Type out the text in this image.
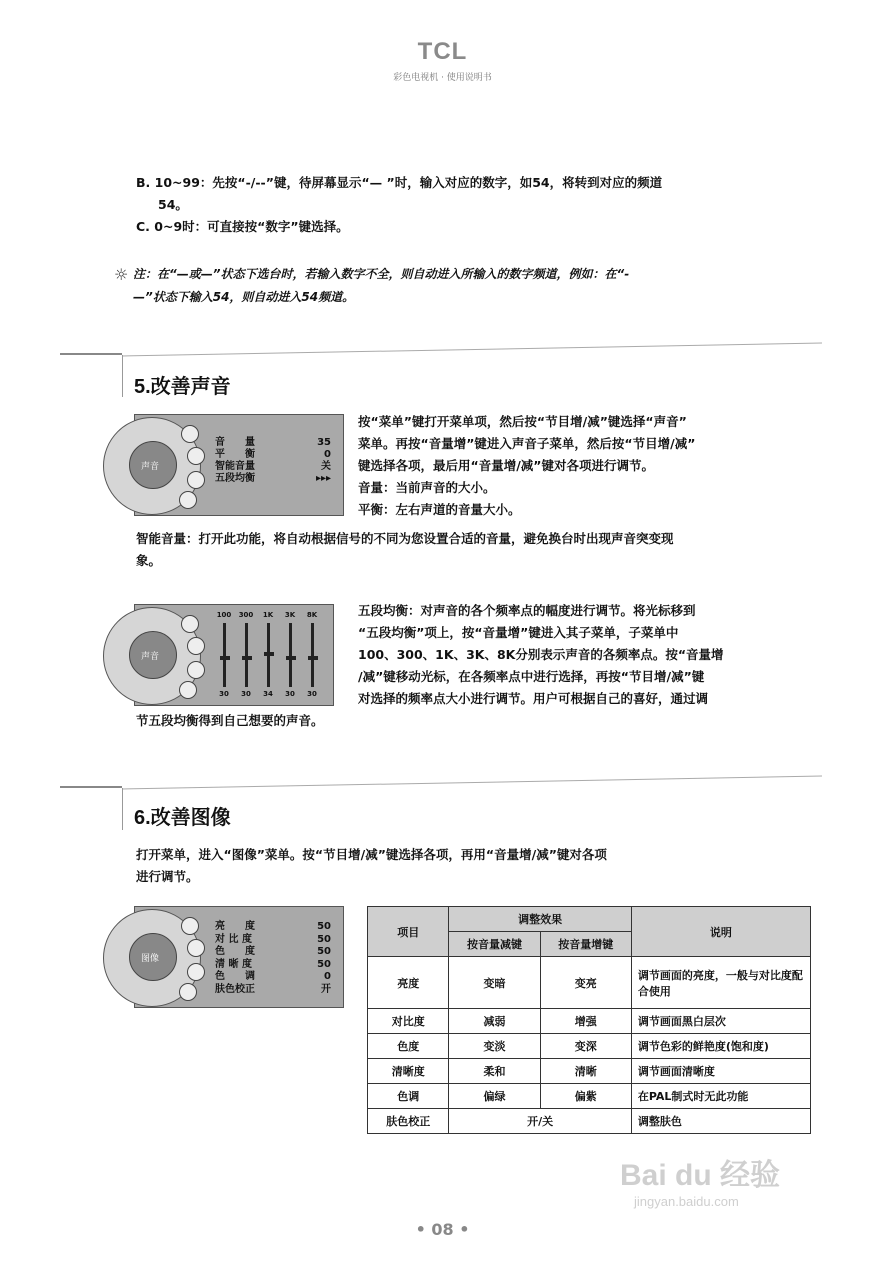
TCL
彩色电视机 · 使用说明书
B. 10~99：先按“-/--”键，待屏幕显示“— ”时，输入对应的数字，如54，将转到对应的频道
54。
C. 0~9时：可直接按“数字”键选择。
☼ 注：在“—或—”状态下选台时，若输入数字不全，则自动进入所输入的数字频道，例如：在“-
—”状态下输入54，则自动进入54频道。
5.改善声音
声音
音　　量	35
平　　衡	0
智能音量	关
五段均衡	▸▸▸
按“菜单”键打开菜单项，然后按“节目增/减”键选择“声音”
菜单。再按“音量增”键进入声音子菜单，然后按“节目增/减”
键选择各项，最后用“音量增/减”键对各项进行调节。
音量：当前声音的大小。
平衡：左右声道的音量大小。
智能音量：打开此功能，将自动根据信号的不同为您设置合适的音量，避免换台时出现声音突变现
象。
声音
100
30
300
30
1K
34
3K
30
8K
30
五段均衡：对声音的各个频率点的幅度进行调节。将光标移到
“五段均衡”项上，按“音量增”键进入其子菜单，子菜单中
100、300、1K、3K、8K分别表示声音的各频率点。按“音量增
/减”键移动光标，在各频率点中进行选择，再按“节目增/减”键
对选择的频率点大小进行调节。用户可根据自己的喜好，通过调
节五段均衡得到自己想要的声音。
6.改善图像
打开菜单，进入“图像”菜单。按“节目增/减”键选择各项，再用“音量增/减”键对各项
进行调节。
图像
亮　　度	50
对 比 度	50
色　　度	50
清 晰 度	50
色　　调	0
肤色校正	开
项目	调整效果		说明
	按音量减键	按音量增键	
亮度	变暗	变亮	调节画面的亮度，一般与对比度配合使用
对比度	减弱	增强	调节画面黑白层次
色度	变淡	变深	调节色彩的鲜艳度(饱和度)
清晰度	柔和	清晰	调节画面清晰度
色调	偏绿	偏紫	在PAL制式时无此功能
肤色校正	开/关		调整肤色
• 08 •
Bai du 经验
jingyan.baidu.com
